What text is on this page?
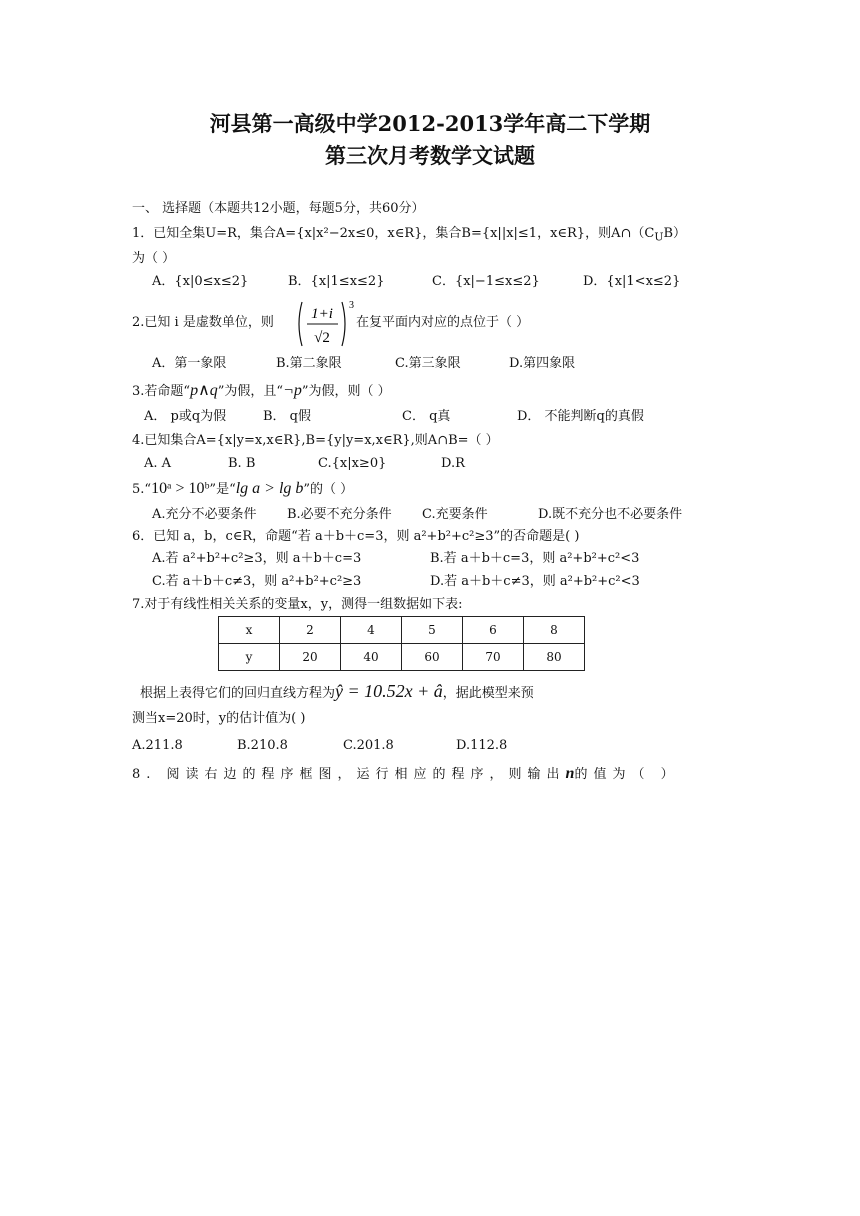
河县第一高级中学2012-2013学年高二下学期
第三次月考数学文试题
一、 选择题（本题共12小题，每题5分，共60分）
1．已知全集U=R，集合A={x|x²−2x≤0，x∈R}，集合B={x||x|≤1，x∈R}，则$A\cap(C_UB)$
为（ ）
A．{x|0≤x≤2}	B．{x|1≤x≤2}	C．{x|−1≤x≤2}	D．{x|1<x≤2}
2.已知 i 是虚数单位，则
1+i
√2
3
在复平面内对应的点位于（ ）
A．第一象限	B.第二象限	C.第三象限	D.第四象限
3.若命题“p∧q”为假，且“¬p”为假，则（ ）
A． p或q为假	B． q假	C． q真	D． 不能判断q的真假
4.已知集合A={x|y=x,x∈R},B={y|y=x,x∈R},则A∩B=（ ）
A. A	B. B	C.{x|x≥0}	D.R
5.“10ᵃ > 10ᵇ”是“lg a > lg b”的（ ）
A.充分不必要条件 B.必要不充分条件 C.充要条件	D.既不充分也不必要条件
6．已知 a，b，c∈R，命题“若 a＋b＋c=3，则 a²+b²+c²≥3”的否命题是( )
A.若 a²+b²+c²≥3，则 a＋b＋c=3	B.若 a＋b＋c=3，则 a²+b²+c²<3
C.若 a＋b＋c≠3，则 a²+b²+c²≥3	D.若 a＋b＋c≠3，则 a²+b²+c²<3
7.对于有线性相关关系的变量x，y，测得一组数据如下表:
x	2	4	5	6	8
y	20	40	60	70	80
根据上表得它们的回归直线方程为ŷ = 10.52x + â，据此模型来预
测当x=20时，y的估计值为( )
A.211.8	B.210.8	C.201.8	D.112.8
8. 阅读右边的程序框图，运行相应的程序，则输出n的值为（ ）
